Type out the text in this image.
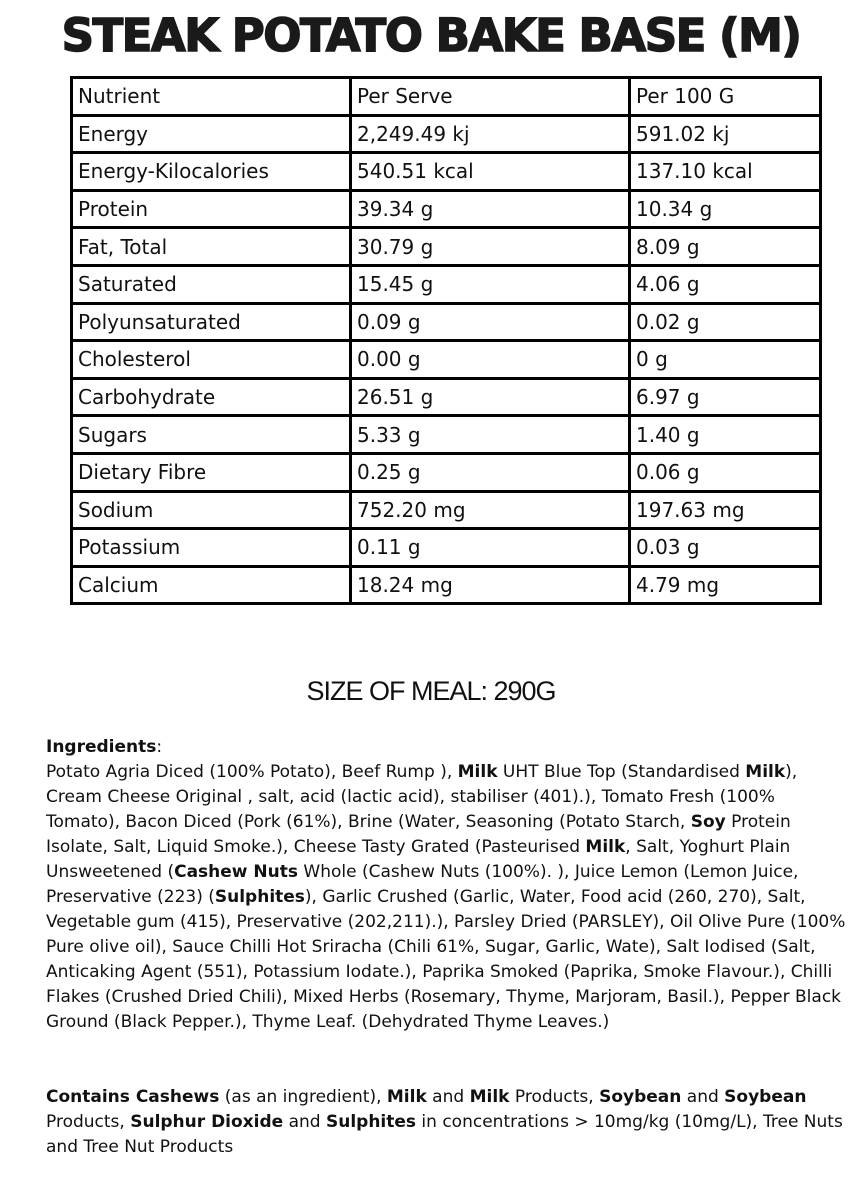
STEAK POTATO BAKE BASE (M)
Nutrient	Per Serve	Per 100 G
Energy	2,249.49 kj	591.02 kj
Energy-Kilocalories	540.51 kcal	137.10 kcal
Protein	39.34 g	10.34 g
Fat, Total	30.79 g	8.09 g
Saturated	15.45 g	4.06 g
Polyunsaturated	0.09 g	0.02 g
Cholesterol	0.00 g	0 g
Carbohydrate	26.51 g	6.97 g
Sugars	5.33 g	1.40 g
Dietary Fibre	0.25 g	0.06 g
Sodium	752.20 mg	197.63 mg
Potassium	0.11 g	0.03 g
Calcium	18.24 mg	4.79 mg
SIZE OF MEAL: 290G
Ingredients:
Potato Agria Diced (100% Potato), Beef Rump ), Milk UHT Blue Top (Standardised Milk), Cream Cheese Original , salt, acid (lactic acid), stabiliser (401).), Tomato Fresh (100% Tomato), Bacon Diced (Pork (61%), Brine (Water, Seasoning (Potato Starch, Soy Protein Isolate, Salt, Liquid Smoke.), Cheese Tasty Grated (Pasteurised Milk, Salt, Yoghurt Plain Unsweetened (Cashew Nuts Whole (Cashew Nuts (100%). ), Juice Lemon (Lemon Juice, Preservative (223) (Sulphites), Garlic Crushed (Garlic, Water, Food acid (260, 270), Salt, Vegetable gum (415), Preservative (202,211).), Parsley Dried (PARSLEY), Oil Olive Pure (100% Pure olive oil), Sauce Chilli Hot Sriracha (Chili 61%, Sugar, Garlic, Wate), Salt Iodised (Salt, Anticaking Agent (551), Potassium Iodate.), Paprika Smoked (Paprika, Smoke Flavour.), Chilli Flakes (Crushed Dried Chili), Mixed Herbs (Rosemary, Thyme, Marjoram, Basil.), Pepper Black Ground (Black Pepper.), Thyme Leaf. (Dehydrated Thyme Leaves.)
Contains Cashews (as an ingredient), Milk and Milk Products, Soybean and Soybean Products, Sulphur Dioxide and Sulphites in concentrations > 10mg/kg (10mg/L), Tree Nuts and Tree Nut Products
